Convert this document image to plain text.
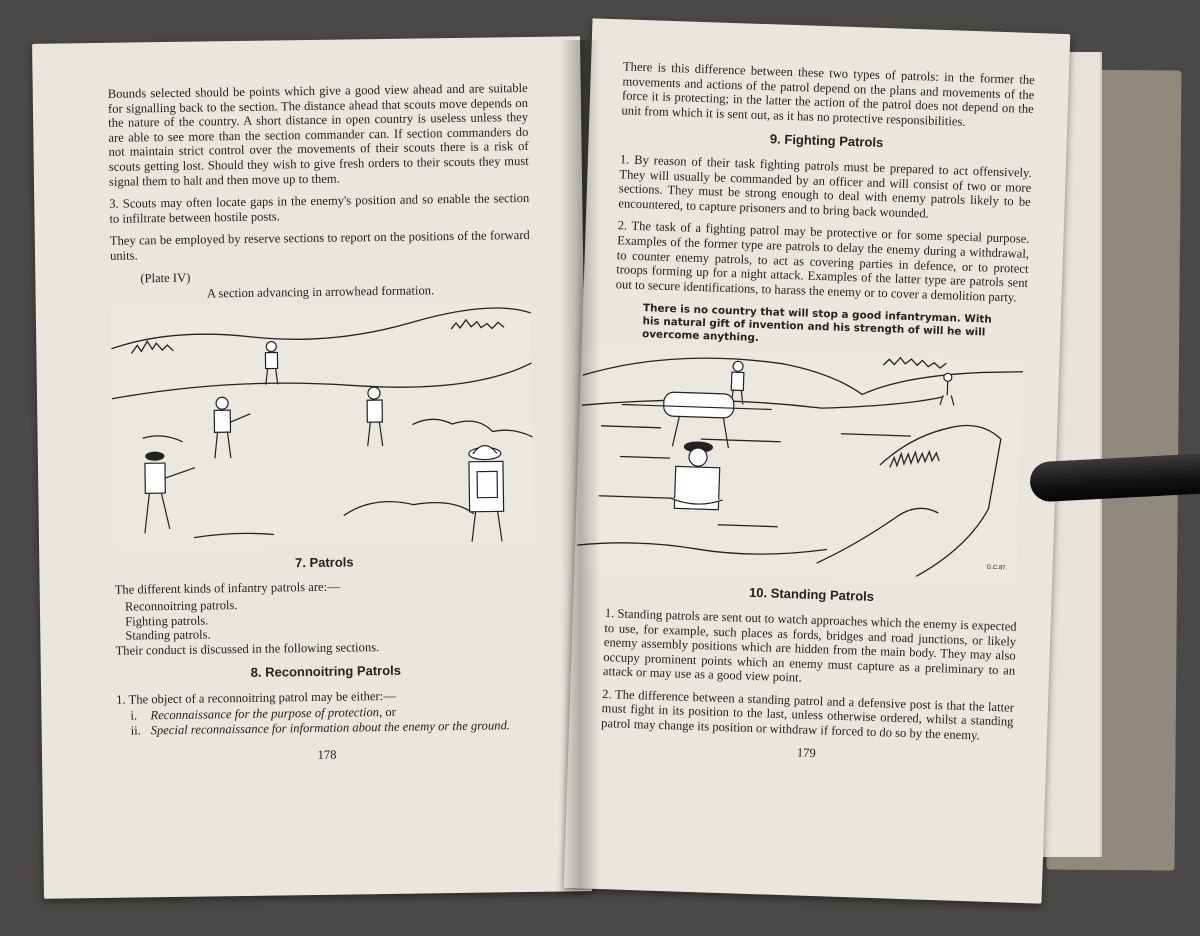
Bounds selected should be points which give a good view ahead and are suitable for signalling back to the section. The distance ahead that scouts move depends on the nature of the country. A short distance in open country is useless unless they are able to see more than the section commander can. If section commanders do not maintain strict control over the movements of their scouts there is a risk of scouts getting lost. Should they wish to give fresh orders to their scouts they must signal them to halt and then move up to them.

3. Scouts may often locate gaps in the enemy's position and so enable the section to infiltrate between hostile posts.

They can be employed by reserve sections to report on the positions of the forward units.

(Plate IV)
A section advancing in arrowhead formation.
7. Patrols

The different kinds of infantry patrols are:—

Reconnoitring patrols.
Fighting patrols.
Standing patrols.

Their conduct is discussed in the following sections.

8. Reconnoitring Patrols

1. The object of a reconnoitring patrol may be either:—

i. Reconnaissance for the purpose of protection, or
ii. Special reconnaissance for information about the enemy or the ground.
178

There is this difference between these two types of patrols: in the former the movements and actions of the patrol depend on the plans and movements of the force it is protecting; in the latter the action of the patrol does not depend on the unit from which it is sent out, as it has no protective responsibilities.

9. Fighting Patrols

1. By reason of their task fighting patrols must be prepared to act offensively. They will usually be commanded by an officer and will consist of two or more sections. They must be strong enough to deal with enemy patrols likely to be encountered, to capture prisoners and to bring back wounded.

2. The task of a fighting patrol may be protective or for some special purpose. Examples of the former type are patrols to delay the enemy during a withdrawal, to counter enemy patrols, to act as covering parties in defence, or to protect troops forming up for a night attack. Examples of the latter type are patrols sent out to secure identifications, to harass the enemy or to cover a demolition party.

There is no country that will stop a good infantryman. With his natural gift of invention and his strength of will he will overcome anything.
G.C.87.
10. Standing Patrols

1. Standing patrols are sent out to watch approaches which the enemy is expected to use, for example, such places as fords, bridges and road junctions, or likely enemy assembly positions which are hidden from the main body. They may also occupy prominent points which an enemy must capture as a preliminary to an attack or may use as a good view point.

2. The difference between a standing patrol and a defensive post is that the latter must fight in its position to the last, unless otherwise ordered, whilst a standing patrol may change its position or withdraw if forced to do so by the enemy.

179
